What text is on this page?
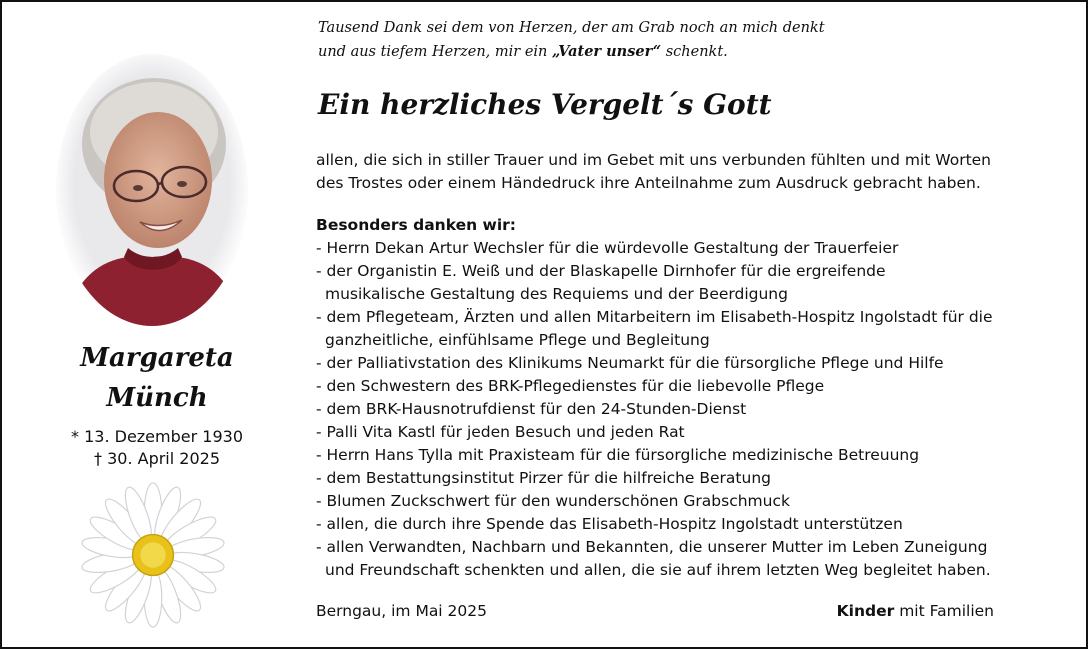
Margareta
Münch
* 13. Dezember 1930
† 30. April 2025
Tausend Dank sei dem von Herzen, der am Grab noch an mich denkt
und aus tiefem Herzen, mir ein „Vater unser“ schenkt.
Ein herzliches Vergelt´s Gott
allen, die sich in stiller Trauer und im Gebet mit uns verbunden fühlten und mit Worten
des Trostes oder einem Händedruck ihre Anteilnahme zum Ausdruck gebracht haben.
Besonders danken wir:
- Herrn Dekan Artur Wechsler für die würdevolle Gestaltung der Trauerfeier
- der Organistin E. Weiß und der Blaskapelle Dirnhofer für die ergreifende
musikalische Gestaltung des Requiems und der Beerdigung
- dem Pflegeteam, Ärzten und allen Mitarbeitern im Elisabeth-Hospitz Ingolstadt für die
ganzheitliche, einfühlsame Pflege und Begleitung
- der Palliativstation des Klinikums Neumarkt für die fürsorgliche Pflege und Hilfe
- den Schwestern des BRK-Pflegedienstes für die liebevolle Pflege
- dem BRK-Hausnotrufdienst für den 24-Stunden-Dienst
- Palli Vita Kastl für jeden Besuch und jeden Rat
- Herrn Hans Tylla mit Praxisteam für die fürsorgliche medizinische Betreuung
- dem Bestattungsinstitut Pirzer für die hilfreiche Beratung
- Blumen Zuckschwert für den wunderschönen Grabschmuck
- allen, die durch ihre Spende das Elisabeth-Hospitz Ingolstadt unterstützen
- allen Verwandten, Nachbarn und Bekannten, die unserer Mutter im Leben Zuneigung
und Freundschaft schenkten und allen, die sie auf ihrem letzten Weg begleitet haben.
Berngau, im Mai 2025	Kinder mit Familien
